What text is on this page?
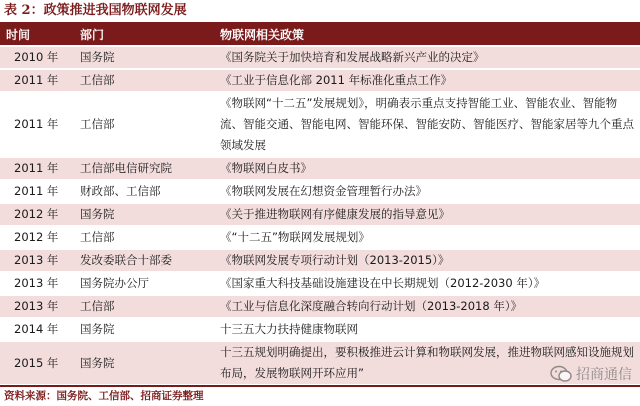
表 2：政策推进我国物联网发展
时间	部门	物联网相关政策
2010 年	国务院	《国务院关于加快培育和发展战略新兴产业的决定》
2011 年	工信部	《工业于信息化部 2011 年标准化重点工作》
2011 年	工信部	《物联网“十二五”发展规划》，明确表示重点支持智能工业、智能农业、智能物流、智能交通、智能电网、智能环保、智能安防、智能医疗、智能家居等九个重点领域发展
2011 年	工信部电信研究院	《物联网白皮书》
2011 年	财政部、工信部	《物联网发展在幻想资金管理暂行办法》
2012 年	国务院	《关于推进物联网有序健康发展的指导意见》
2012 年	工信部	《“十二五”物联网发展规划》
2013 年	发改委联合十部委	《物联网发展专项行动计划（2013-2015）》
2013 年	国务院办公厅	《国家重大科技基础设施建设在中长期规划（2012-2030 年）》
2013 年	工信部	《工业与信息化深度融合转向行动计划（2013-2018 年）》
2014 年	国务院	十三五大力扶持健康物联网
2015 年	国务院	十三五规划明确提出，要积极推进云计算和物联网发展，推进物联网感知设施规划布局，发展物联网开环应用”	招商通信
资料来源：国务院、工信部、招商证券整理
